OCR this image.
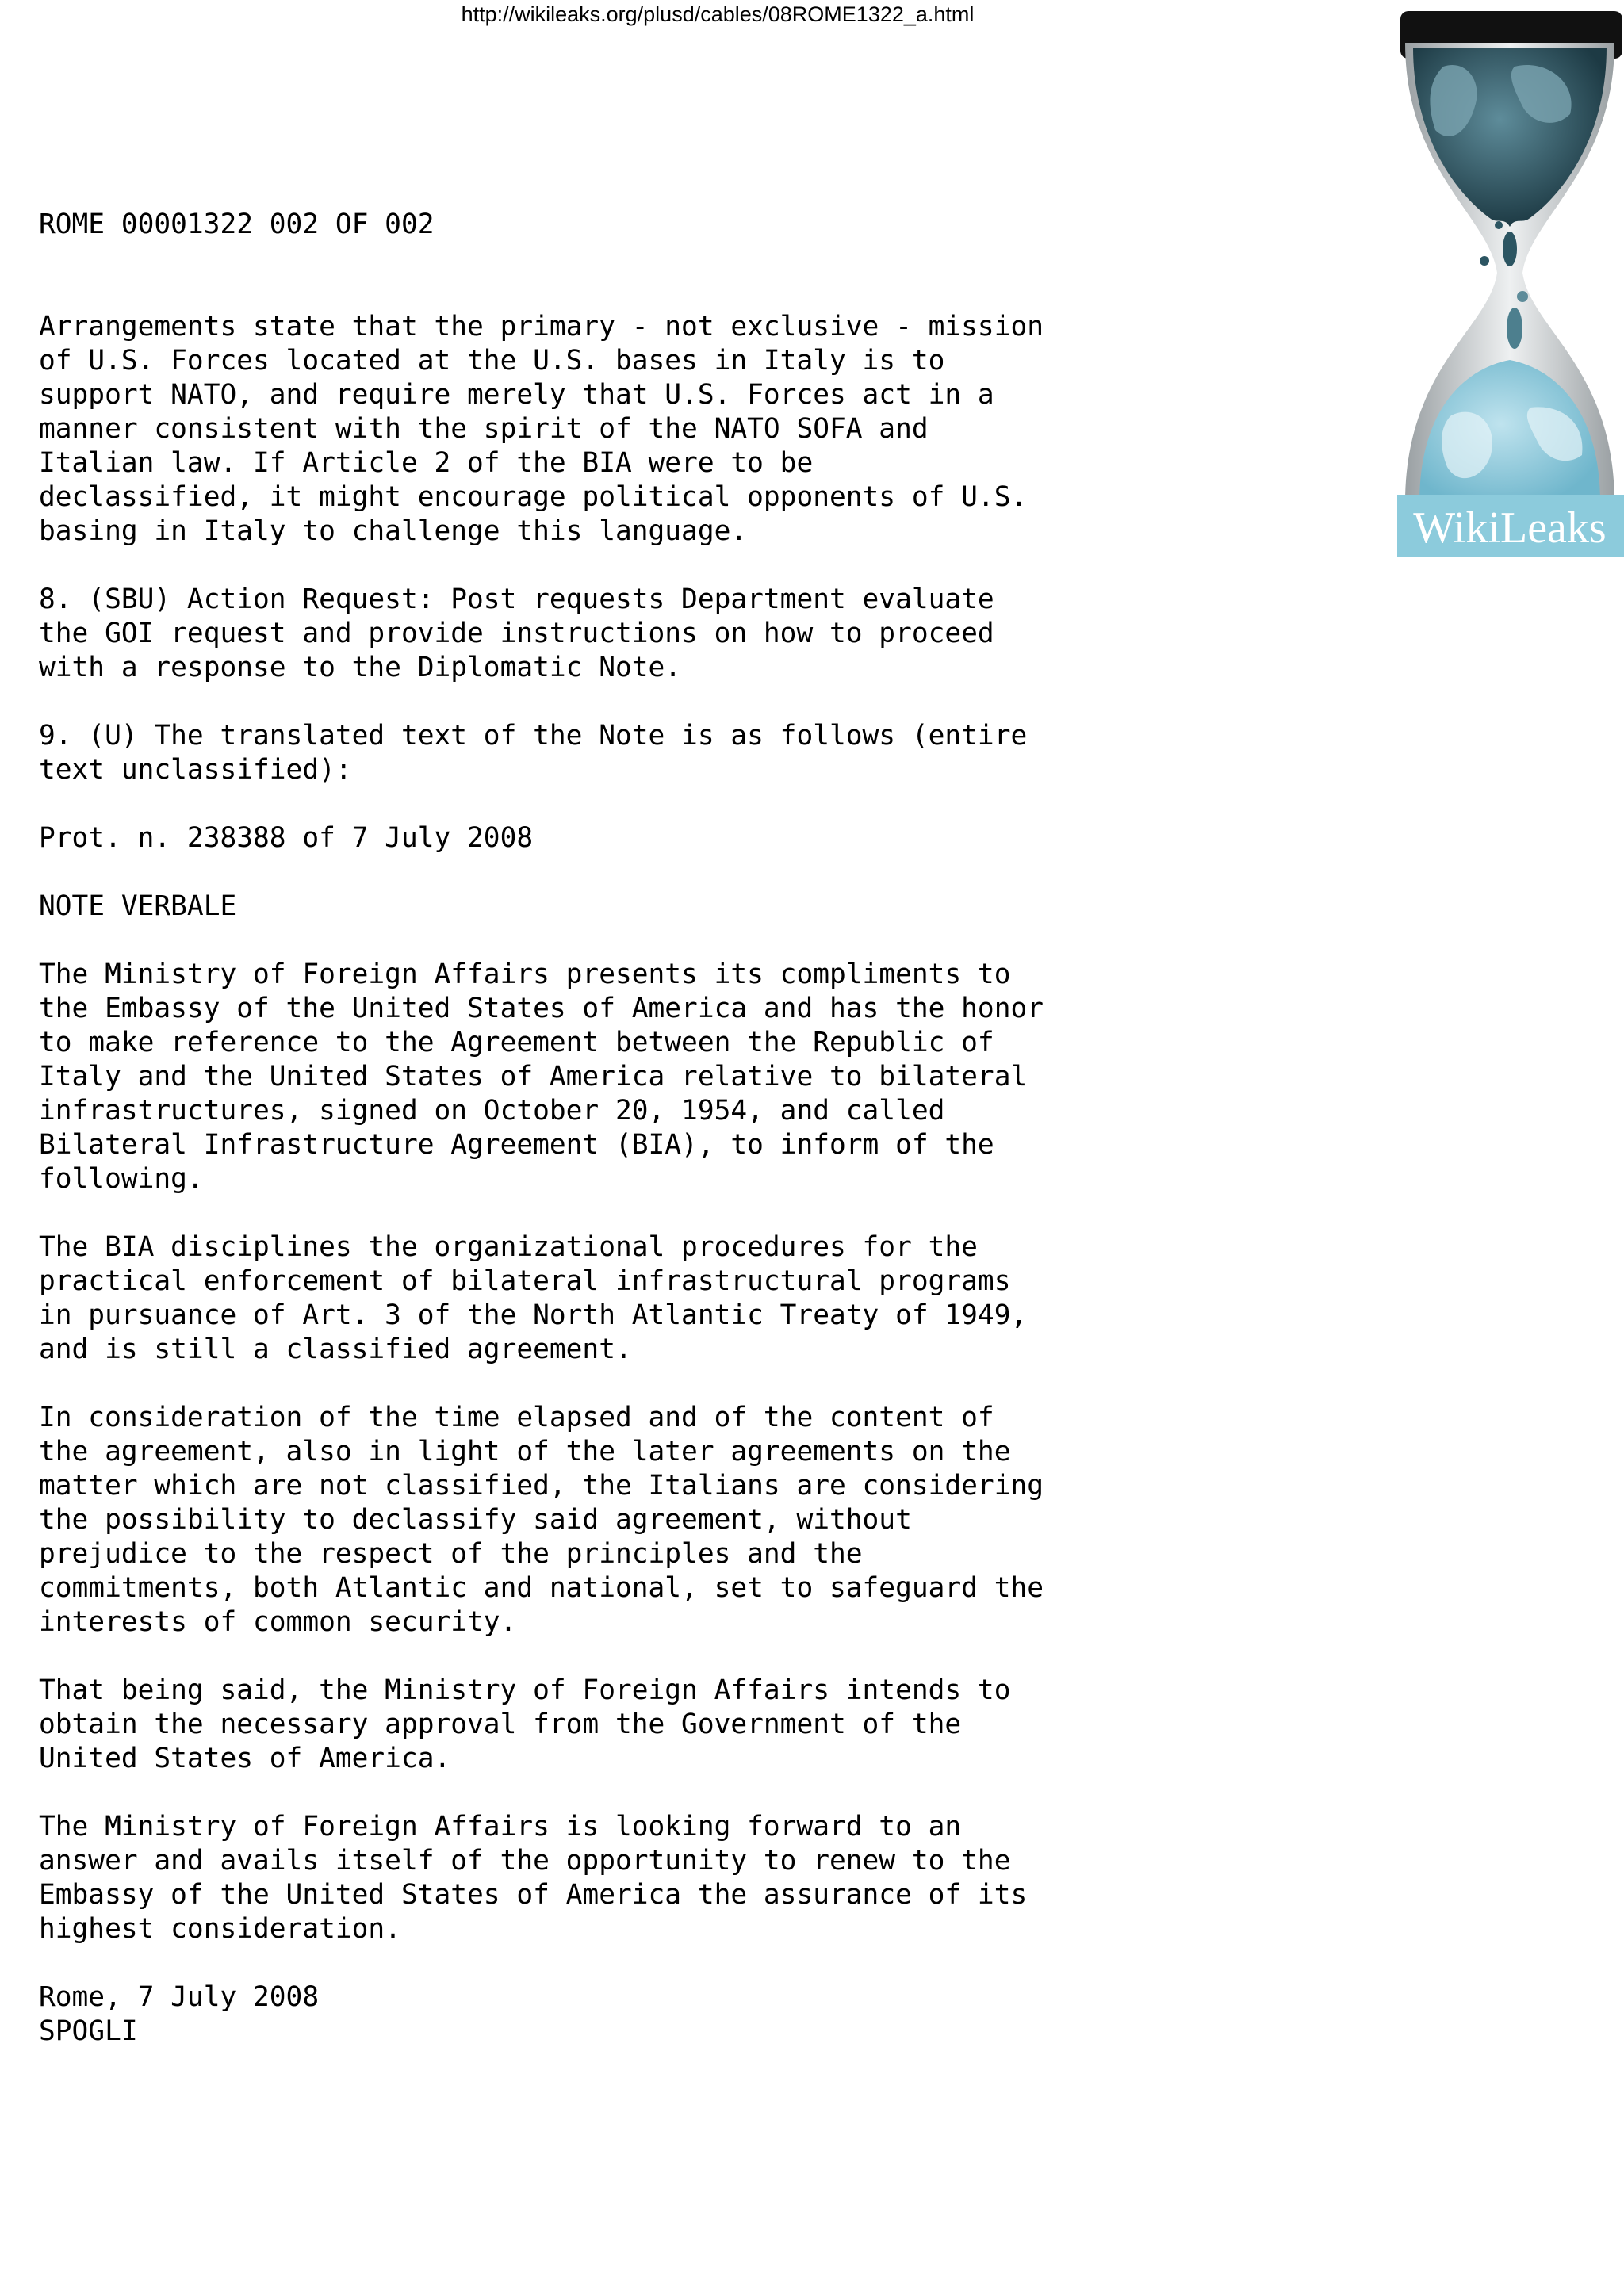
http://wikileaks.org/plusd/cables/08ROME1322_a.html
WikiLeaks
ROME 00001322 002 OF 002
Arrangements state that the primary - not exclusive - mission
of U.S. Forces located at the U.S. bases in Italy is to
support NATO, and require merely that U.S. Forces act in a
manner consistent with the spirit of the NATO SOFA and
Italian law. If Article 2 of the BIA were to be
declassified, it might encourage political opponents of U.S.
basing in Italy to challenge this language.
8. (SBU) Action Request: Post requests Department evaluate
the GOI request and provide instructions on how to proceed
with a response to the Diplomatic Note.
9. (U) The translated text of the Note is as follows (entire
text unclassified):
Prot. n. 238388 of 7 July 2008
NOTE VERBALE
The Ministry of Foreign Affairs presents its compliments to
the Embassy of the United States of America and has the honor
to make reference to the Agreement between the Republic of
Italy and the United States of America relative to bilateral
infrastructures, signed on October 20, 1954, and called
Bilateral Infrastructure Agreement (BIA), to inform of the
following.
The BIA disciplines the organizational procedures for the
practical enforcement of bilateral infrastructural programs
in pursuance of Art. 3 of the North Atlantic Treaty of 1949,
and is still a classified agreement.
In consideration of the time elapsed and of the content of
the agreement, also in light of the later agreements on the
matter which are not classified, the Italians are considering
the possibility to declassify said agreement, without
prejudice to the respect of the principles and the
commitments, both Atlantic and national, set to safeguard the
interests of common security.
That being said, the Ministry of Foreign Affairs intends to
obtain the necessary approval from the Government of the
United States of America.
The Ministry of Foreign Affairs is looking forward to an
answer and avails itself of the opportunity to renew to the
Embassy of the United States of America the assurance of its
highest consideration.
Rome, 7 July 2008
SPOGLI
